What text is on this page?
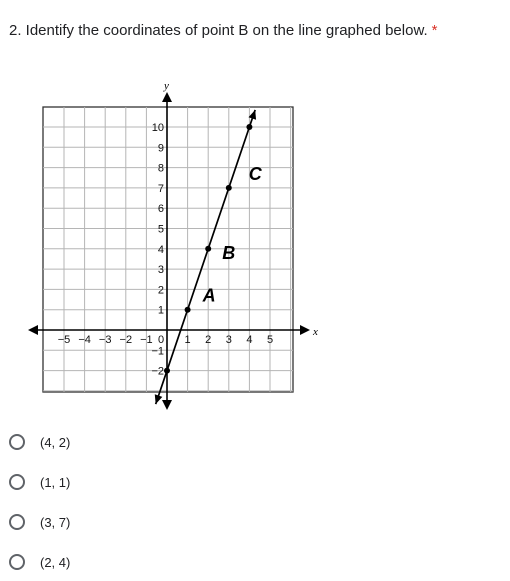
2. Identify the coordinates of point B on the line graphed below. *
x
y
−5 −4 −3 −2 −1	1 2 3 4 5
0
1
2
3
4
5
6
7
8
9
10
−1
−2
A
B
C
(4, 2)
(1, 1)
(3, 7)
(2, 4)
